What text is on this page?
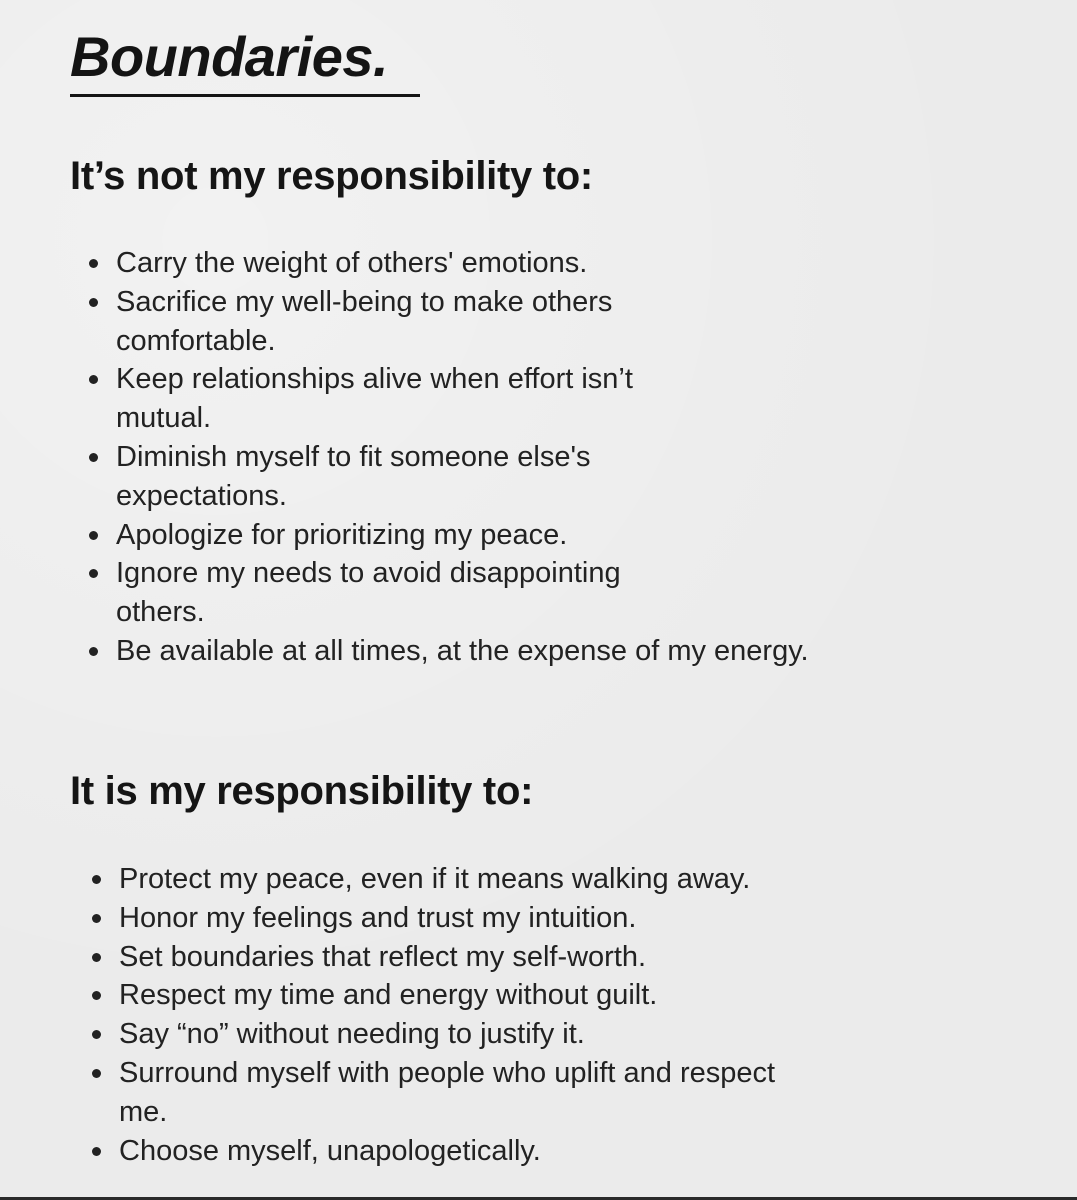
Boundaries.
It’s not my responsibility to:
Carry the weight of others' emotions.
Sacrifice my well-being to make others comfortable.
Keep relationships alive when effort isn’t mutual.
Diminish myself to fit someone else's expectations.
Apologize for prioritizing my peace.
Ignore my needs to avoid disappointing others.
Be available at all times, at the expense of my energy.
It is my responsibility to:
Protect my peace, even if it means walking away.
Honor my feelings and trust my intuition.
Set boundaries that reflect my self-worth.
Respect my time and energy without guilt.
Say “no” without needing to justify it.
Surround myself with people who uplift and respect me.
Choose myself, unapologetically.
